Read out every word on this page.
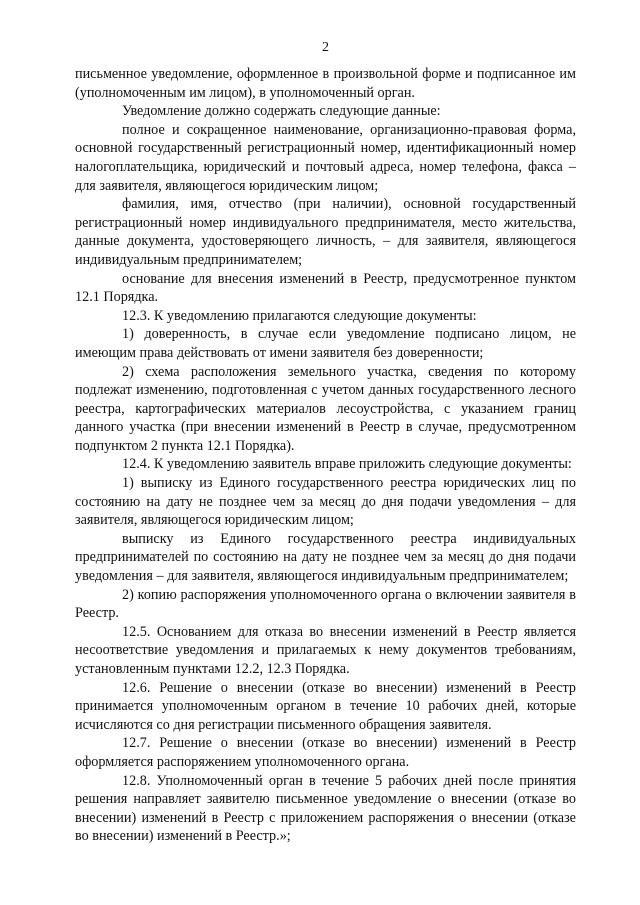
2

письменное уведомление, оформленное в произвольной форме и подписанное им (уполномоченным им лицом), в уполномоченный орган.

Уведомление должно содержать следующие данные:

полное и сокращенное наименование, организационно-правовая форма, основной государственный регистрационный номер, идентификационный номер налогоплательщика, юридический и почтовый адреса, номер телефона, факса – для заявителя, являющегося юридическим лицом;

фамилия, имя, отчество (при наличии), основной государственный регистрационный номер индивидуального предпринимателя, место жительства, данные документа, удостоверяющего личность, – для заявителя, являющегося индивидуальным предпринимателем;

основание для внесения изменений в Реестр, предусмотренное пунктом 12.1 Порядка.

12.3. К уведомлению прилагаются следующие документы:

1) доверенность, в случае если уведомление подписано лицом, не имеющим права действовать от имени заявителя без доверенности;

2) схема расположения земельного участка, сведения по которому подлежат изменению, подготовленная с учетом данных государственного лесного реестра, картографических материалов лесоустройства, с указанием границ данного участка (при внесении изменений в Реестр в случае, предусмотренном подпунктом 2 пункта 12.1 Порядка).

12.4. К уведомлению заявитель вправе приложить следующие документы:

1) выписку из Единого государственного реестра юридических лиц по состоянию на дату не позднее чем за месяц до дня подачи уведомления – для заявителя, являющегося юридическим лицом;

выписку из Единого государственного реестра индивидуальных предпринимателей по состоянию на дату не позднее чем за месяц до дня подачи уведомления – для заявителя, являющегося индивидуальным предпринимателем;

2) копию распоряжения уполномоченного органа о включении заявителя в Реестр.

12.5. Основанием для отказа во внесении изменений в Реестр является несоответствие уведомления и прилагаемых к нему документов требованиям, установленным пунктами 12.2, 12.3 Порядка.

12.6. Решение о внесении (отказе во внесении) изменений в Реестр принимается уполномоченным органом в течение 10 рабочих дней, которые исчисляются со дня регистрации письменного обращения заявителя.

12.7. Решение о внесении (отказе во внесении) изменений в Реестр оформляется распоряжением уполномоченного органа.

12.8. Уполномоченный орган в течение 5 рабочих дней после принятия решения направляет заявителю письменное уведомление о внесении (отказе во внесении) изменений в Реестр с приложением распоряжения о внесении (отказе во внесении) изменений в Реестр.»;
